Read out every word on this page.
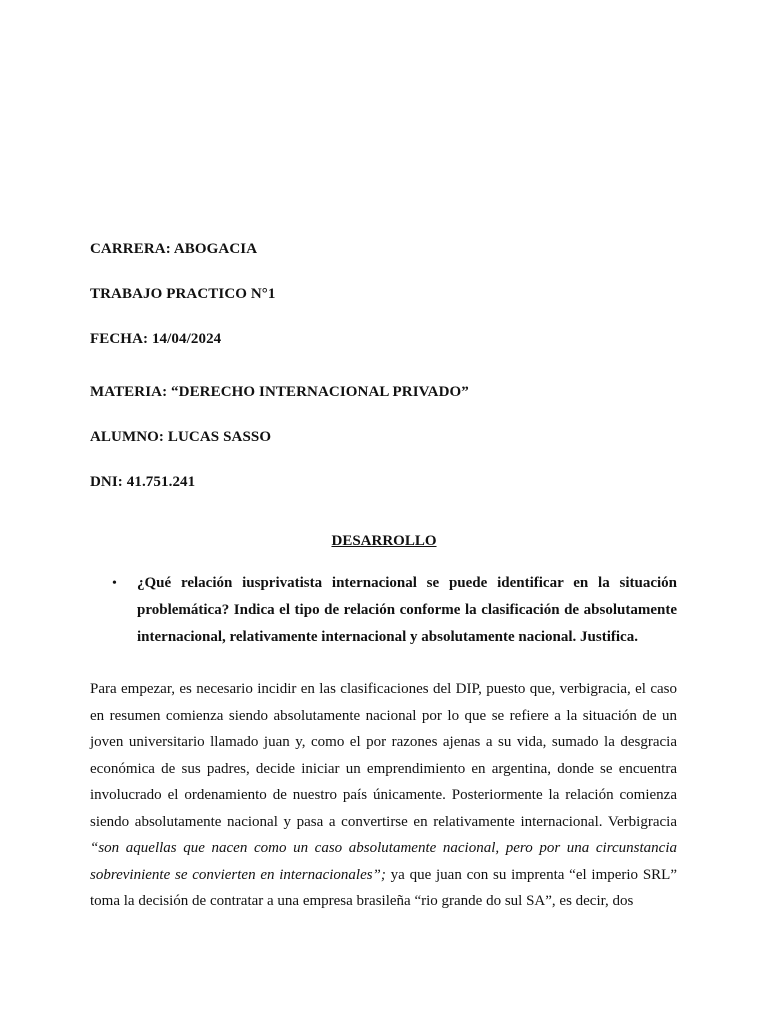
CARRERA: ABOGACIA
TRABAJO PRACTICO N°1
FECHA: 14/04/2024
MATERIA: “DERECHO INTERNACIONAL PRIVADO”
ALUMNO: LUCAS SASSO
DNI: 41.751.241
DESARROLLO
• ¿Qué relación iusprivatista internacional se puede identificar en la situación problemática? Indica el tipo de relación conforme la clasificación de absolutamente internacional, relativamente internacional y absolutamente nacional. Justifica.
Para empezar, es necesario incidir en las clasificaciones del DIP, puesto que, verbigracia, el caso en resumen comienza siendo absolutamente nacional por lo que se refiere a la situación de un joven universitario llamado juan y, como el por razones ajenas a su vida, sumado la desgracia económica de sus padres, decide iniciar un emprendimiento en argentina, donde se encuentra involucrado el ordenamiento de nuestro país únicamente. Posteriormente la relación comienza siendo absolutamente nacional y pasa a convertirse en relativamente internacional. Verbigracia “son aquellas que nacen como un caso absolutamente nacional, pero por una circunstancia sobreviniente se convierten en internacionales”; ya que juan con su imprenta “el imperio SRL” toma la decisión de contratar a una empresa brasileña “rio grande do sul SA”, es decir, dos
